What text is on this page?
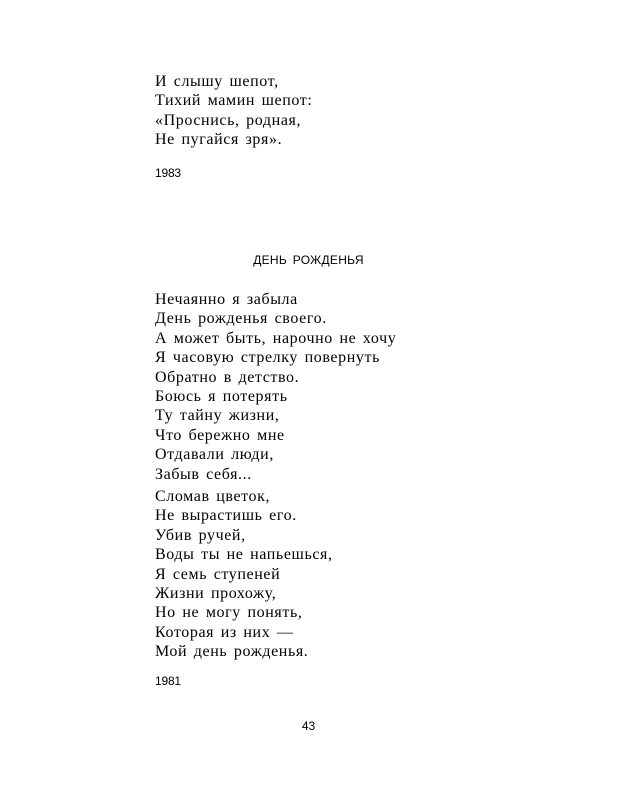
И слышу шепот,
Тихий мамин шепот:
«Проснись, родная,
Не пугайся зря».
1983
ДЕНЬ РОЖДЕНЬЯ
Нечаянно я забыла
День рожденья своего.
А может быть, нарочно не хочу
Я часовую стрелку повернуть
Обратно в детство.
Боюсь я потерять
Ту тайну жизни,
Что бережно мне
Отдавали люди,
Забыв себя...
Сломав цветок,
Не вырастишь его.
Убив ручей,
Воды ты не напьешься,
Я семь ступеней
Жизни прохожу,
Но не могу понять,
Которая из них —
Мой день рожденья.
1981
43
